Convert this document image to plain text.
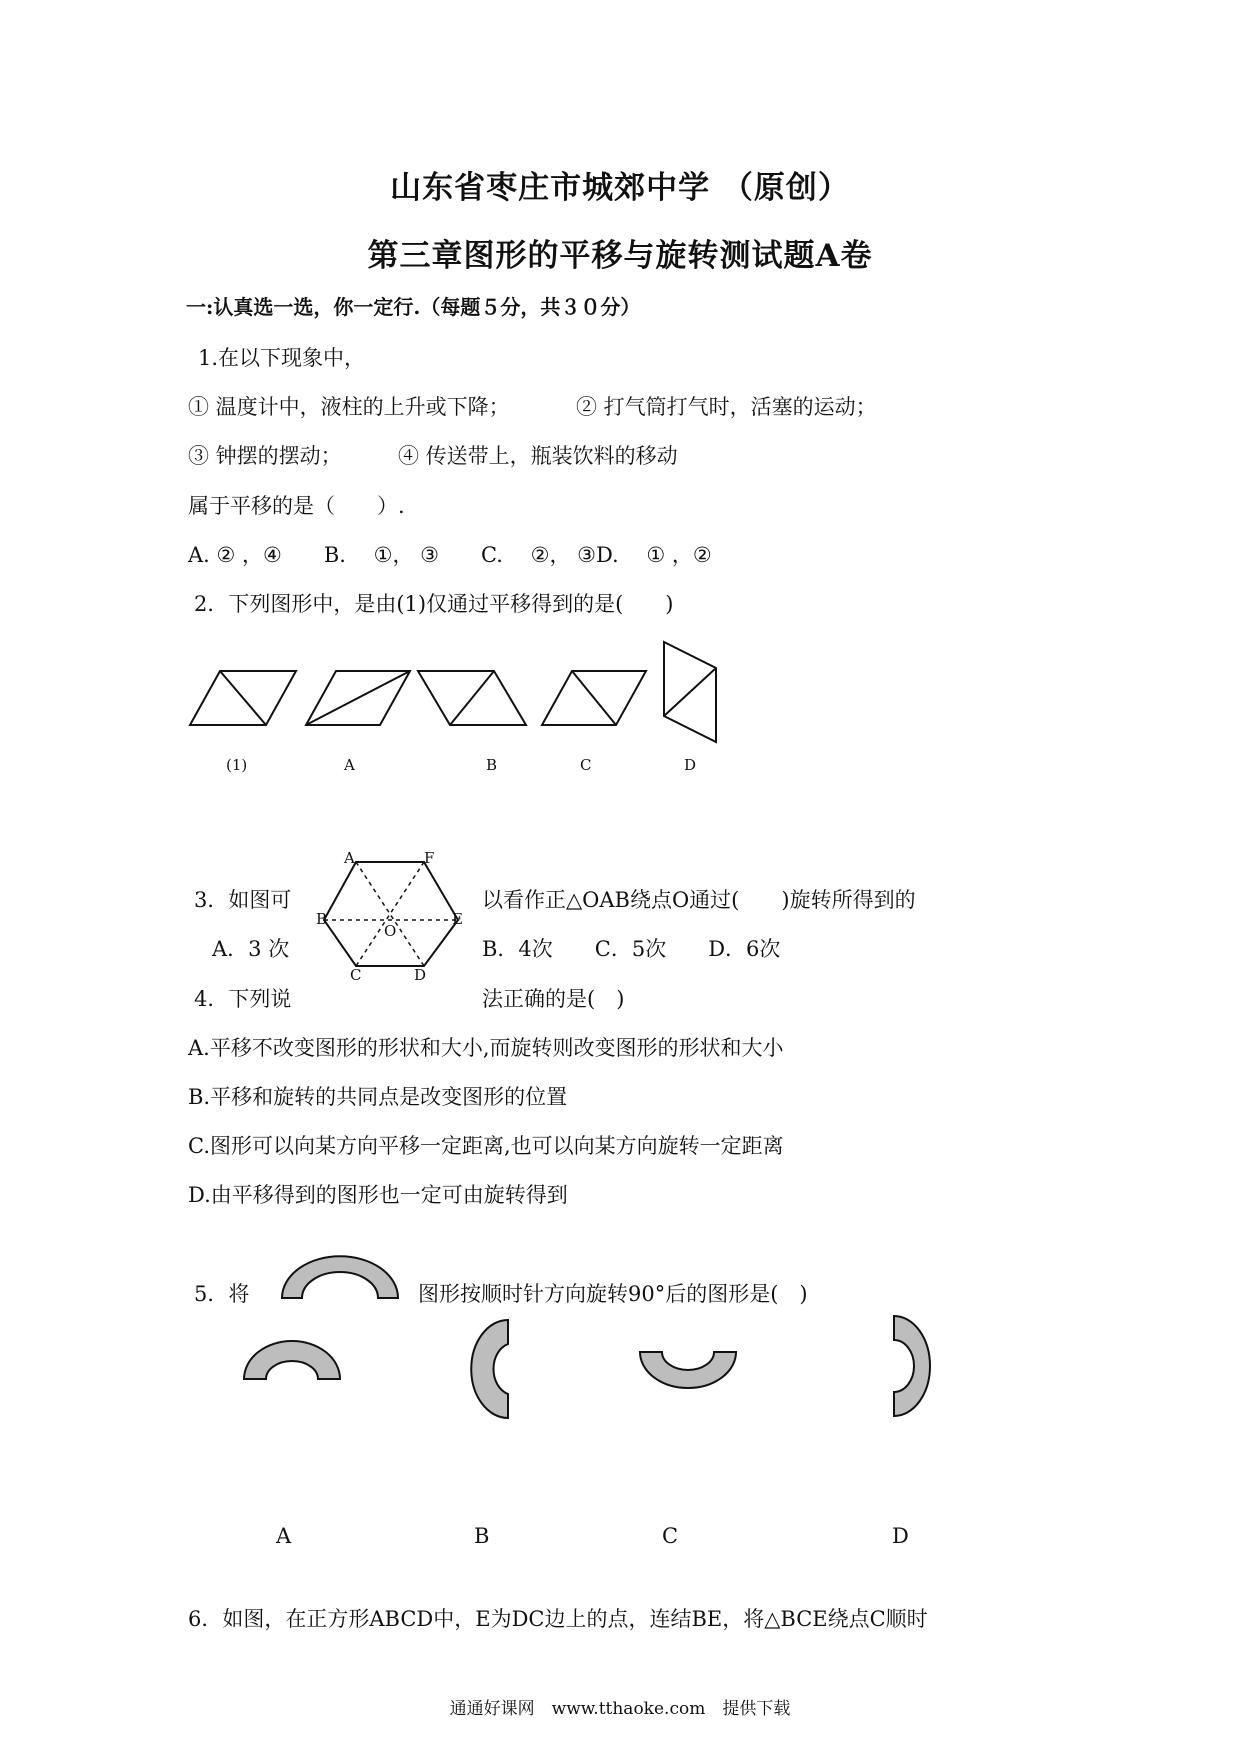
山东省枣庄市城郊中学 （原创）
第三章图形的平移与旋转测试题A卷
一:认真选一选，你一定行.（每题５分，共３０分）
1.在以下现象中，
① 温度计中，液柱的上升或下降；	② 打气筒打气时，活塞的运动；
③ 钟摆的摆动；	④ 传送带上，瓶装饮料的移动
属于平移的是（　　）.
A. ② ，④　　B.　 ①， ③　　C.　 ②， ③D.　 ① ，②
2．下列图形中，是由(1)仅通过平移得到的是(　　)
(1)	A	B	C	D
A	F
B	E
O
C	D
3．如图可	以看作正△OAB绕点O通过(　　)旋转所得到的
A．3 次	B．4次　　C．5次　　D．6次
4．下列说	法正确的是(　)
A.平移不改变图形的形状和大小,而旋转则改变图形的形状和大小
B.平移和旋转的共同点是改变图形的位置
C.图形可以向某方向平移一定距离,也可以向某方向旋转一定距离
D.由平移得到的图形也一定可由旋转得到
5．将	图形按顺时针方向旋转90°后的图形是(　)
A	B	C	D
6．如图，在正方形ABCD中，E为DC边上的点，连结BE，将△BCE绕点C顺时
通通好课网　www.tthaoke.com　提供下载
